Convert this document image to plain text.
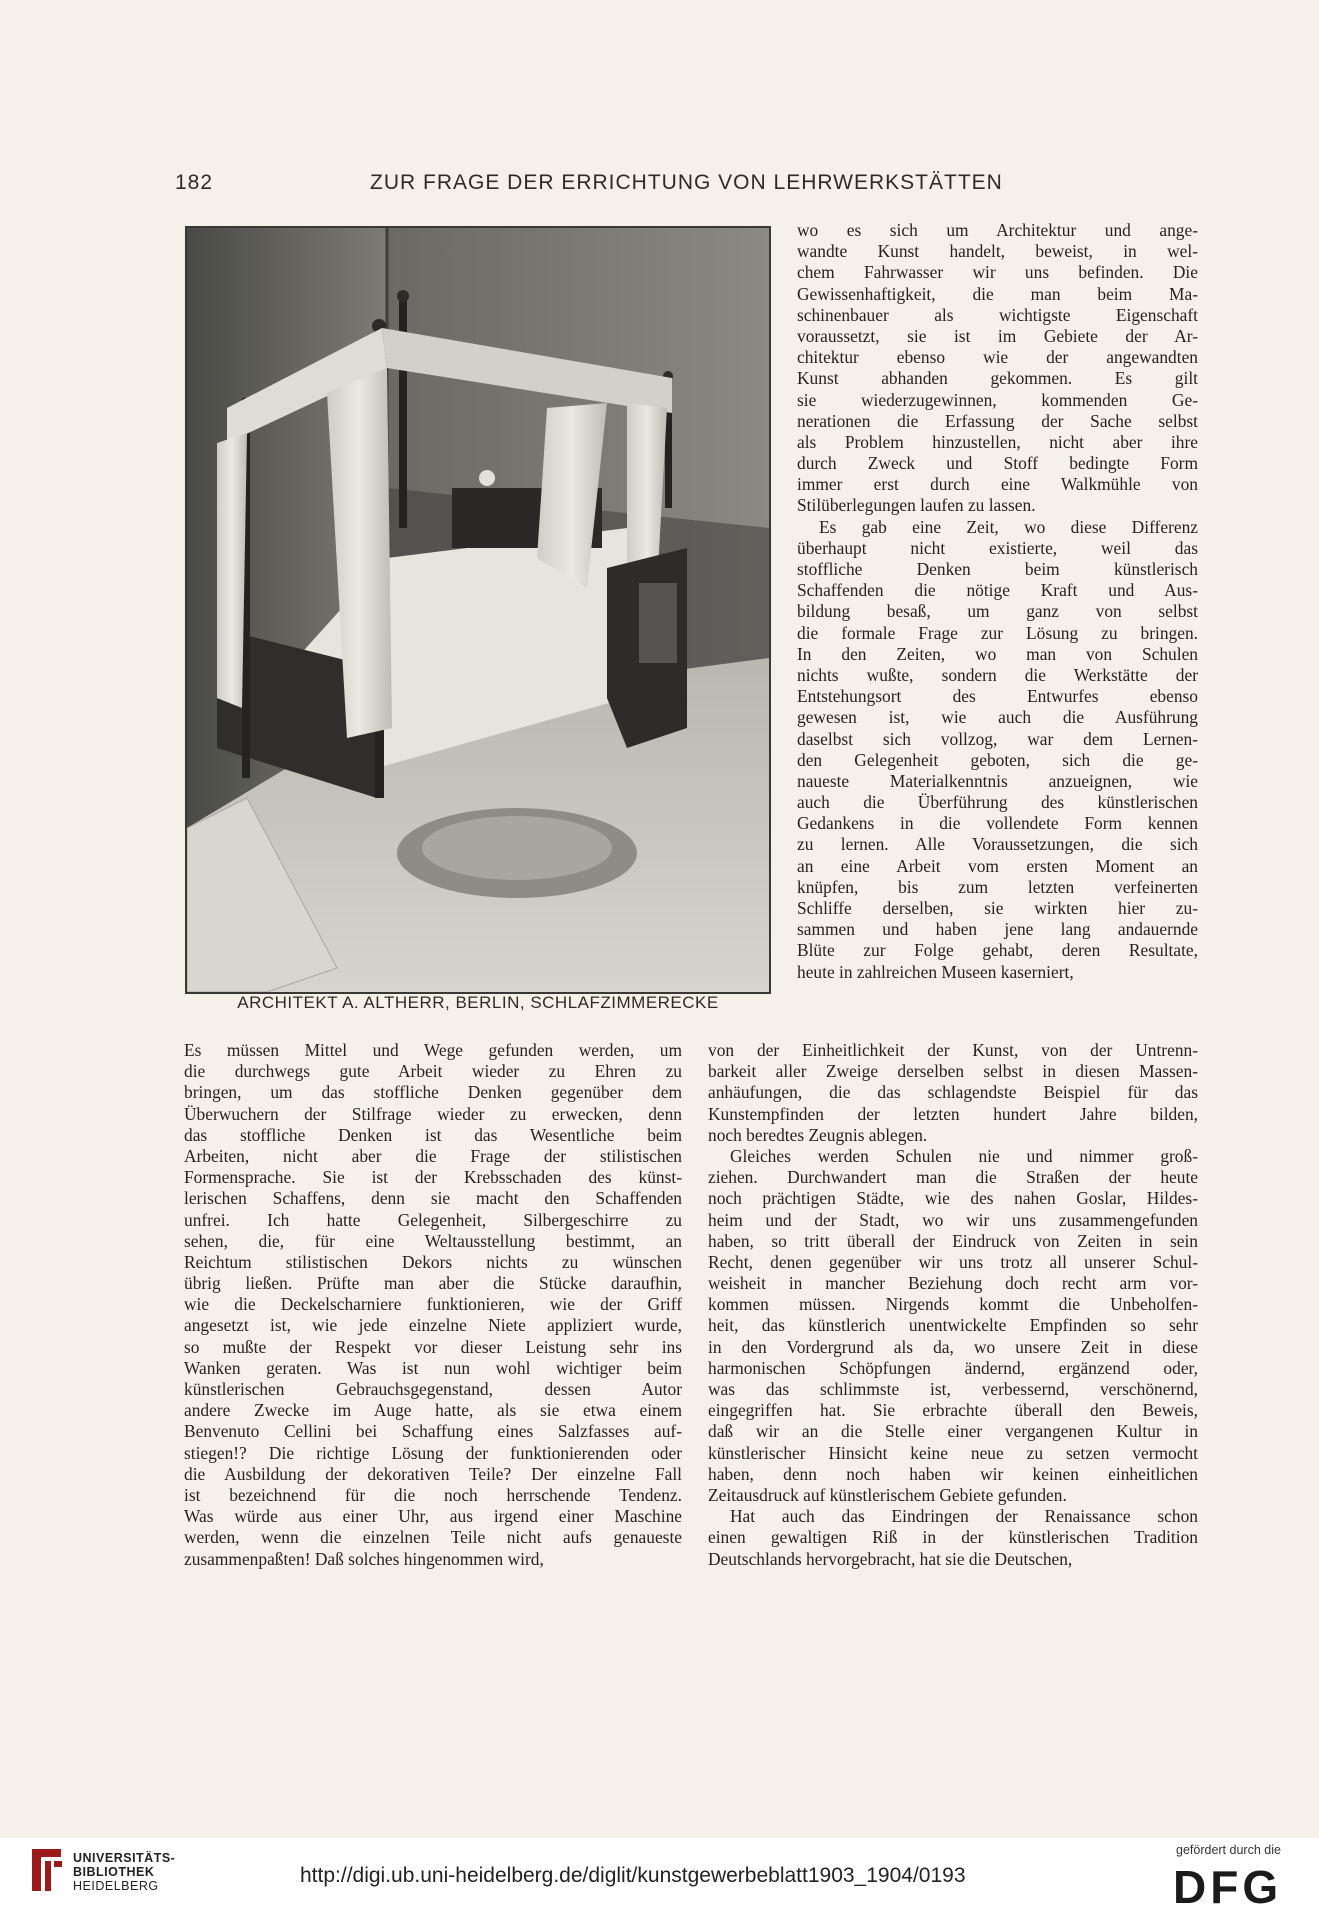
182	ZUR FRAGE DER ERRICHTUNG VON LEHRWERKSTÄTTEN
ARCHITEKT A. ALTHERR, BERLIN, SCHLAFZIMMERECKE
wo es sich um Architektur und ange-
wandte Kunst handelt, beweist, in wel-
chem Fahrwasser wir uns befinden. Die
Gewissenhaftigkeit, die man beim Ma-
schinenbauer als wichtigste Eigenschaft
voraussetzt, sie ist im Gebiete der Ar-
chitektur ebenso wie der angewandten
Kunst abhanden gekommen. Es gilt
sie wiederzugewinnen, kommenden Ge-
nerationen die Erfassung der Sache selbst
als Problem hinzustellen, nicht aber ihre
durch Zweck und Stoff bedingte Form
immer erst durch eine Walkmühle von
Stilüberlegungen laufen zu lassen.
Es gab eine Zeit, wo diese Differenz
überhaupt nicht existierte, weil das
stoffliche Denken beim künstlerisch
Schaffenden die nötige Kraft und Aus-
bildung besaß, um ganz von selbst
die formale Frage zur Lösung zu bringen.
In den Zeiten, wo man von Schulen
nichts wußte, sondern die Werkstätte der
Entstehungsort des Entwurfes ebenso
gewesen ist, wie auch die Ausführung
daselbst sich vollzog, war dem Lernen-
den Gelegenheit geboten, sich die ge-
naueste Materialkenntnis anzueignen, wie
auch die Überführung des künstlerischen
Gedankens in die vollendete Form kennen
zu lernen. Alle Voraussetzungen, die sich
an eine Arbeit vom ersten Moment an
knüpfen, bis zum letzten verfeinerten
Schliffe derselben, sie wirkten hier zu-
sammen und haben jene lang andauernde
Blüte zur Folge gehabt, deren Resultate,
heute in zahlreichen Museen kaserniert,
Es müssen Mittel und Wege gefunden werden, um
die durchwegs gute Arbeit wieder zu Ehren zu
bringen, um das stoffliche Denken gegenüber dem
Überwuchern der Stilfrage wieder zu erwecken, denn
das stoffliche Denken ist das Wesentliche beim
Arbeiten, nicht aber die Frage der stilistischen
Formensprache. Sie ist der Krebsschaden des künst-
lerischen Schaffens, denn sie macht den Schaffenden
unfrei. Ich hatte Gelegenheit, Silbergeschirre zu
sehen, die, für eine Weltausstellung bestimmt, an
Reichtum stilistischen Dekors nichts zu wünschen
übrig ließen. Prüfte man aber die Stücke daraufhin,
wie die Deckelscharniere funktionieren, wie der Griff
angesetzt ist, wie jede einzelne Niete appliziert wurde,
so mußte der Respekt vor dieser Leistung sehr ins
Wanken geraten. Was ist nun wohl wichtiger beim
künstlerischen Gebrauchsgegenstand, dessen Autor
andere Zwecke im Auge hatte, als sie etwa einem
Benvenuto Cellini bei Schaffung eines Salzfasses auf-
stiegen!? Die richtige Lösung der funktionierenden oder
die Ausbildung der dekorativen Teile? Der einzelne Fall
ist bezeichnend für die noch herrschende Tendenz.
Was würde aus einer Uhr, aus irgend einer Maschine
werden, wenn die einzelnen Teile nicht aufs genaueste
zusammenpaßten! Daß solches hingenommen wird,
von der Einheitlichkeit der Kunst, von der Untrenn-
barkeit aller Zweige derselben selbst in diesen Massen-
anhäufungen, die das schlagendste Beispiel für das
Kunstempfinden der letzten hundert Jahre bilden,
noch beredtes Zeugnis ablegen.
Gleiches werden Schulen nie und nimmer groß-
ziehen. Durchwandert man die Straßen der heute
noch prächtigen Städte, wie des nahen Goslar, Hildes-
heim und der Stadt, wo wir uns zusammengefunden
haben, so tritt überall der Eindruck von Zeiten in sein
Recht, denen gegenüber wir uns trotz all unserer Schul-
weisheit in mancher Beziehung doch recht arm vor-
kommen müssen. Nirgends kommt die Unbeholfen-
heit, das künstlerich unentwickelte Empfinden so sehr
in den Vordergrund als da, wo unsere Zeit in diese
harmonischen Schöpfungen ändernd, ergänzend oder,
was das schlimmste ist, verbessernd, verschönernd,
eingegriffen hat. Sie erbrachte überall den Beweis,
daß wir an die Stelle einer vergangenen Kultur in
künstlerischer Hinsicht keine neue zu setzen vermocht
haben, denn noch haben wir keinen einheitlichen
Zeitausdruck auf künstlerischem Gebiete gefunden.
Hat auch das Eindringen der Renaissance schon
einen gewaltigen Riß in der künstlerischen Tradition
Deutschlands hervorgebracht, hat sie die Deutschen,
UNIVERSITÄTS-
BIBLIOTHEK
HEIDELBERG	http://digi.ub.uni-heidelberg.de/diglit/kunstgewerbeblatt1903_1904/0193
gefördert durch die
DFG
